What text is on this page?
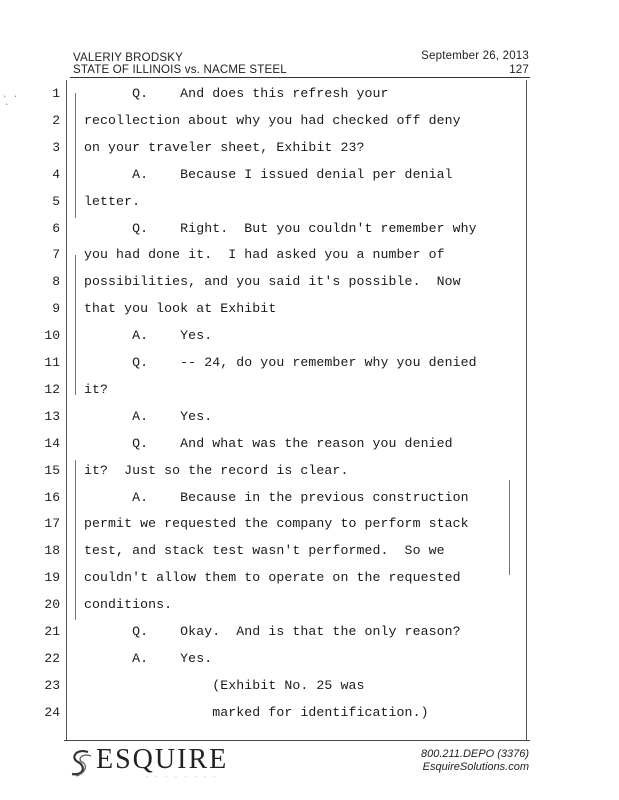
VALERIY BRODSKY
STATE OF ILLINOIS vs. NACME STEEL
September 26, 2013
127
1 Q.    And does this refresh your
2 recollection about why you had checked off deny
3 on your traveler sheet, Exhibit 23?
4 A.    Because I issued denial per denial
5 letter.
6 Q.    Right.  But you couldn't remember why
7 you had done it.  I had asked you a number of
8 possibilities, and you said it's possible.  Now
9 that you look at Exhibit
10 A.    Yes.
11 Q.    -- 24, do you remember why you denied
12 it?
13 A.    Yes.
14 Q.    And what was the reason you denied
15 it?  Just so the record is clear.
16 A.    Because in the previous construction
17 permit we requested the company to perform stack
18 test, and stack test wasn't performed.  So we
19 couldn't allow them to operate on the requested
20 conditions.
21 Q.    Okay.  And is that the only reason?
22 A.    Yes.
23 (Exhibit No. 25 was
24 marked for identification.)
ESQUIRE
· · · · · · · ·
800.211.DEPO (3376)
EsquireSolutions.com
· ·
·
